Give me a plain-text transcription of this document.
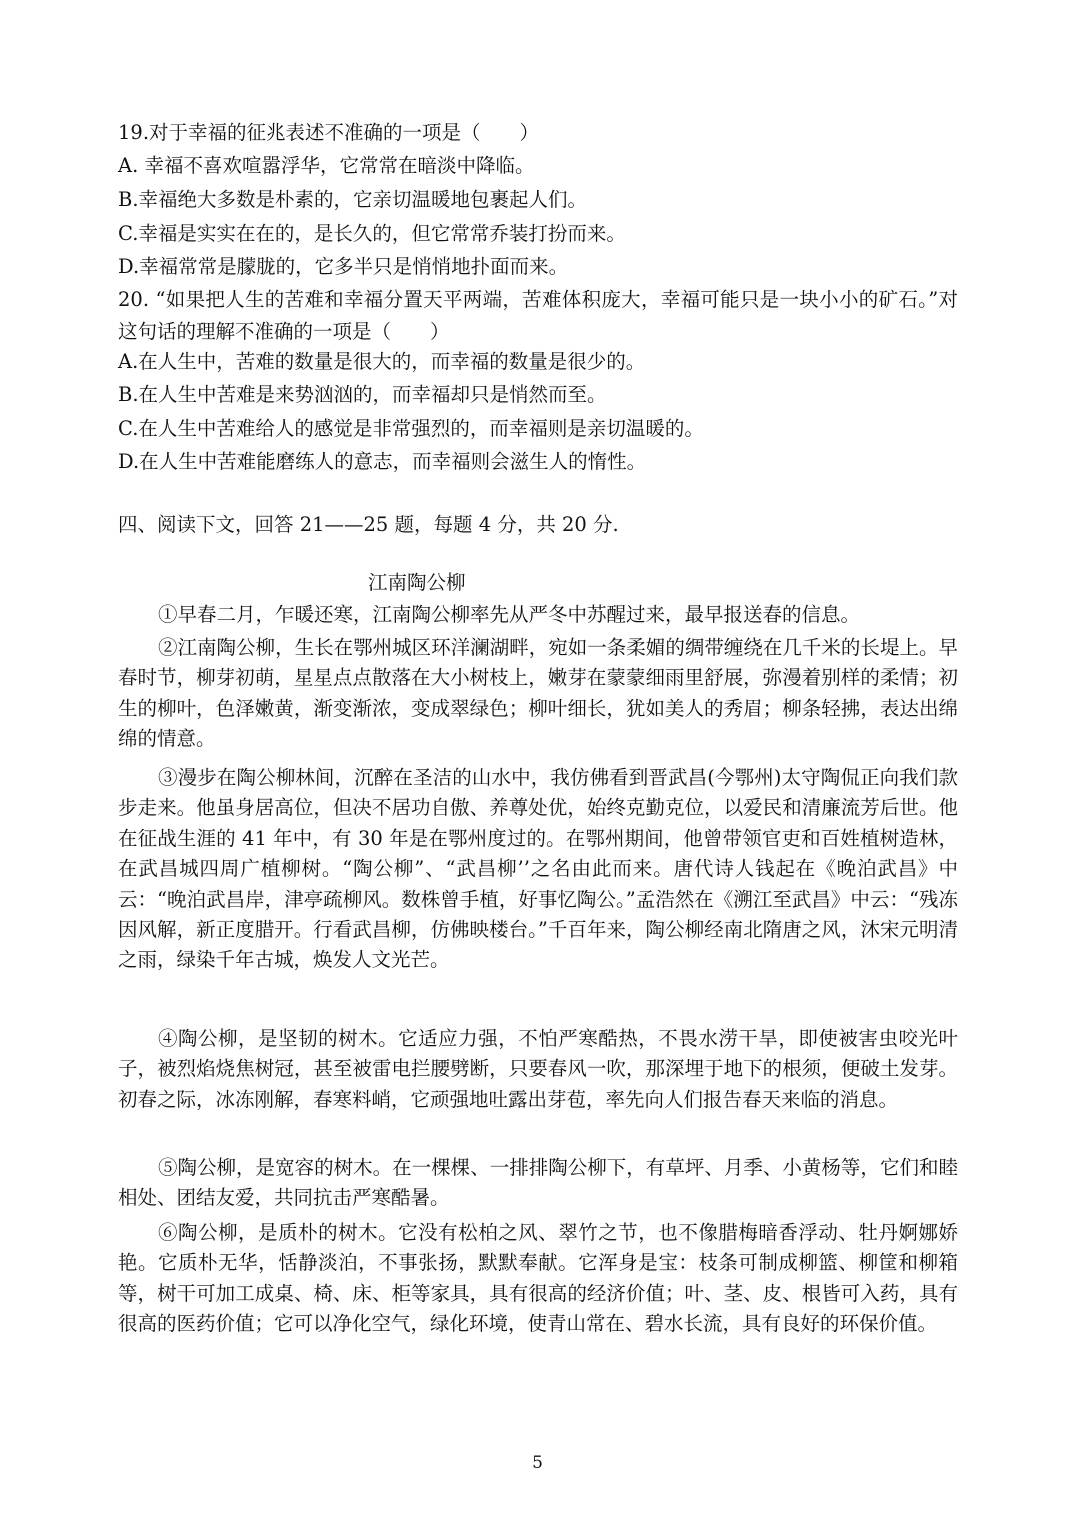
19.对于幸福的征兆表述不准确的一项是（　　）
A. 幸福不喜欢喧嚣浮华，它常常在暗淡中降临。
B.幸福绝大多数是朴素的，它亲切温暖地包裹起人们。
C.幸福是实实在在的，是长久的，但它常常乔装打扮而来。
D.幸福常常是朦胧的，它多半只是悄悄地扑面而来。
20. “如果把人生的苦难和幸福分置天平两端，苦难体积庞大，幸福可能只是一块小小的矿石。”对这句话的理解不准确的一项是（　　）
A.在人生中，苦难的数量是很大的，而幸福的数量是很少的。
B.在人生中苦难是来势汹汹的，而幸福却只是悄然而至。
C.在人生中苦难给人的感觉是非常强烈的，而幸福则是亲切温暖的。
D.在人生中苦难能磨练人的意志，而幸福则会滋生人的惰性。
四、阅读下文，回答 21——25 题，每题 4 分，共 20 分.
江南陶公柳
①早春二月，乍暖还寒，江南陶公柳率先从严冬中苏醒过来，最早报送春的信息。
②江南陶公柳，生长在鄂州城区环洋澜湖畔，宛如一条柔媚的绸带缠绕在几千米的长堤上。早春时节，柳芽初萌，星星点点散落在大小树枝上，嫩芽在蒙蒙细雨里舒展，弥漫着别样的柔情；初生的柳叶，色泽嫩黄，渐变渐浓，变成翠绿色；柳叶细长，犹如美人的秀眉；柳条轻拂，表达出绵绵的情意。
③漫步在陶公柳林间，沉醉在圣洁的山水中，我仿佛看到晋武昌(今鄂州)太守陶侃正向我们款步走来。他虽身居高位，但决不居功自傲、养尊处优，始终克勤克位，以爱民和清廉流芳后世。他在征战生涯的 41 年中，有 30 年是在鄂州度过的。在鄂州期间，他曾带领官吏和百姓植树造林，在武昌城四周广植柳树。“陶公柳”、“武昌柳’’之名由此而来。唐代诗人钱起在《晚泊武昌》中云：“晚泊武昌岸，津亭疏柳风。数株曾手植，好事忆陶公。”孟浩然在《溯江至武昌》中云：“残冻因风解，新正度腊开。行看武昌柳，仿佛映楼台。”千百年来，陶公柳经南北隋唐之风，沐宋元明清之雨，绿染千年古城，焕发人文光芒。
④陶公柳，是坚韧的树木。它适应力强，不怕严寒酷热，不畏水涝干旱，即使被害虫咬光叶子，被烈焰烧焦树冠，甚至被雷电拦腰劈断，只要春风一吹，那深埋于地下的根须，便破土发芽。初春之际，冰冻刚解，春寒料峭，它顽强地吐露出芽苞，率先向人们报告春天来临的消息。
⑤陶公柳，是宽容的树木。在一棵棵、一排排陶公柳下，有草坪、月季、小黄杨等，它们和睦相处、团结友爱，共同抗击严寒酷暑。
⑥陶公柳，是质朴的树木。它没有松柏之风、翠竹之节，也不像腊梅暗香浮动、牡丹婀娜娇艳。它质朴无华，恬静淡泊，不事张扬，默默奉献。它浑身是宝：枝条可制成柳篮、柳筐和柳箱等，树干可加工成桌、椅、床、柜等家具，具有很高的经济价值；叶、茎、皮、根皆可入药，具有很高的医药价值；它可以净化空气，绿化环境，使青山常在、碧水长流，具有良好的环保价值。
5
